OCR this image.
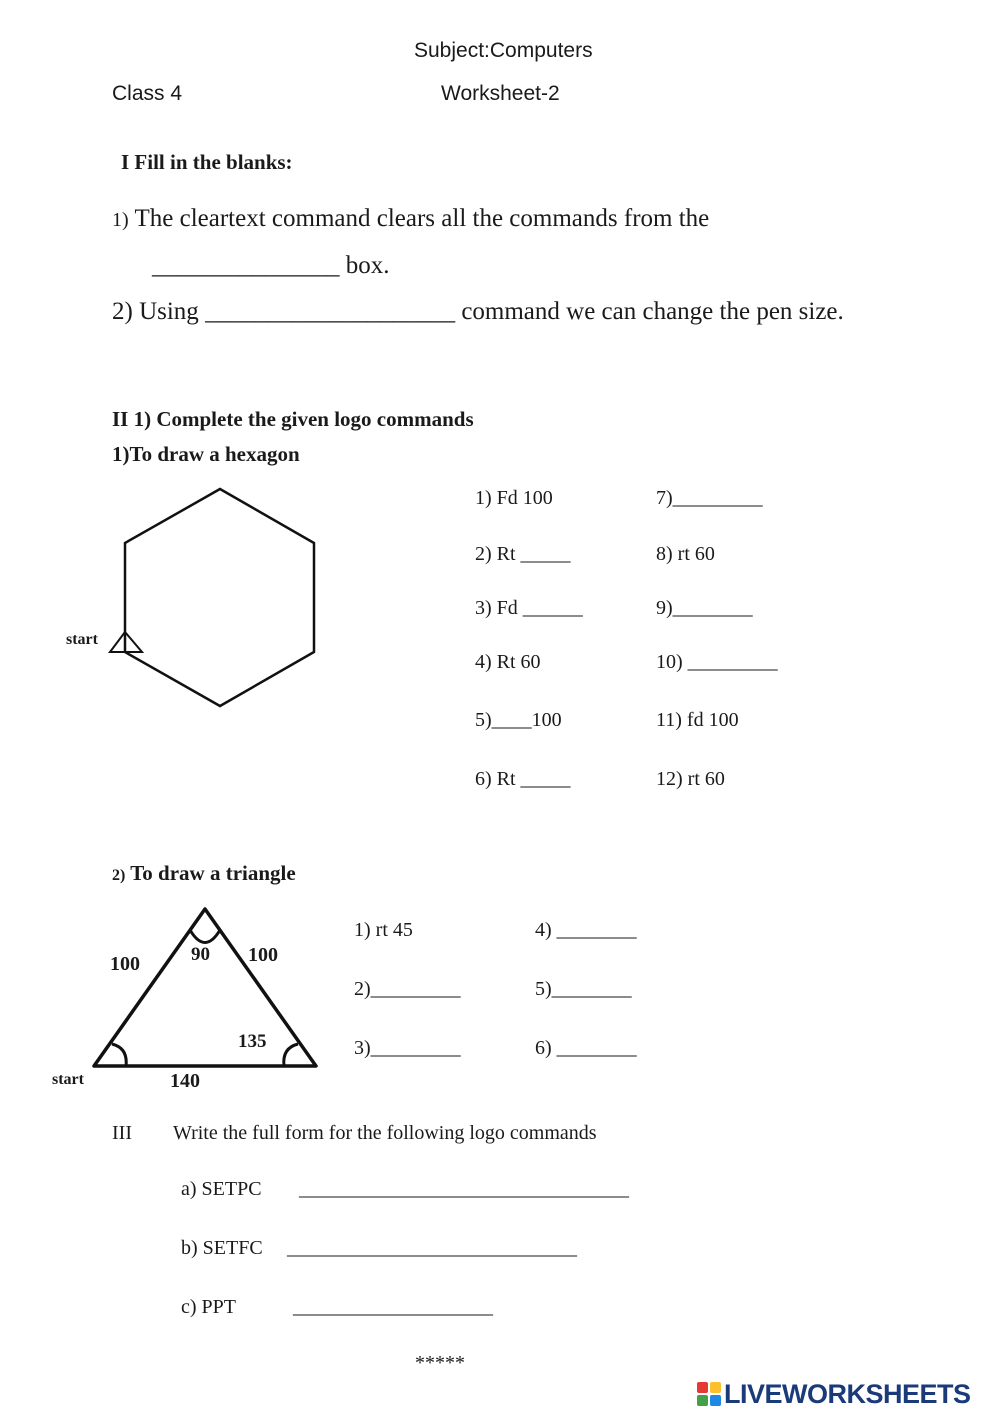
Subject:Computers
Class 4	Worksheet-2
I Fill in the blanks:
1) The cleartext command clears all the commands from the
_______________ box.
2) Using ____________________ command we can change the pen size.
II 1) Complete the given logo commands
1)To draw a hexagon
start
1) Fd 100
2) Rt _____
3) Fd ______
4) Rt 60
5)____100
6) Rt _____
7)_________
8) rt 60
9)________
10) _________
11) fd 100
12) rt 60
2) To draw a triangle
100	100
90
135
140
start
1) rt 45
2)_________
3)_________
4) ________
5)________
6) ________
III Write the full form for the following logo commands
a) SETPC _________________________________
b) SETFC _____________________________
c) PPT	____________________
*****
LIVEWORKSHEETS
